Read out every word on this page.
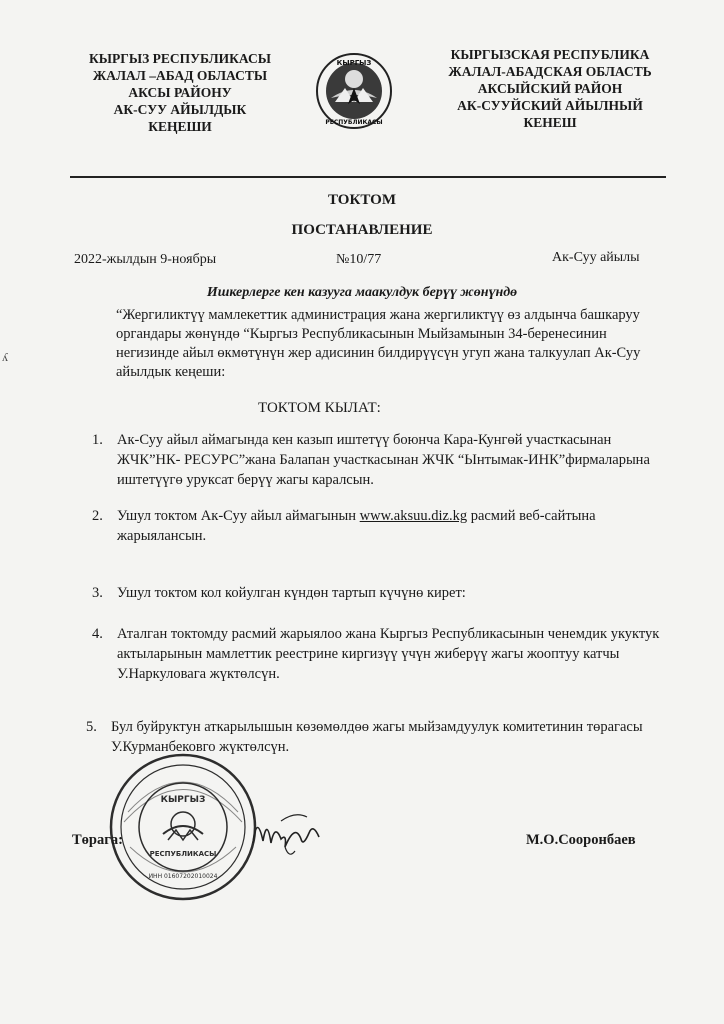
КЫРГЫЗ РЕСПУБЛИКАСЫ
ЖАЛАЛ –АБАД ОБЛАСТЫ
АКСЫ РАЙОНУ
АК-СУУ АЙЫЛДЫК
КЕҢЕШИ
КЫРГЫЗ
РЕСПУБЛИКАСЫ
КЫРГЫЗСКАЯ РЕСПУБЛИКА
ЖАЛАЛ-АБАДСКАЯ ОБЛАСТЬ
АКСЫЙСКИЙ РАЙОН
АК-СУУЙСКИЙ АЙЫЛНЫЙ
КЕНЕШ
ТОКТОМ
ПОСТАНАВЛЕНИЕ
2022-жылдын 9-ноябры	№10/77	Ак-Суу айылы
Ишкерлерге кен казууга маакулдук берүү жөнүндө
“Жергиликтүү мамлекеттик администрация жана жергиликтүү өз алдынча башкаруу органдары жөнүндө “Кыргыз Республикасынын Мыйзамынын 34-беренесинин негизинде айыл өкмөтүнүн жер адисинин билдирүүсүн угуп жана талкуулап Ак-Суу айылдык кеңеши:
ТОКТОМ КЫЛАТ:
1. Ак-Суу айыл аймагында кен казып иштетүү боюнча Кара-Кунгөй участкасынан ЖЧК”НК- РЕСУРС”жана Балапан участкасынан ЖЧК “Ынтымак-ИНК”фирмаларына иштетүүгө уруксат берүү жагы каралсын.
2. Ушул токтом Ак-Суу айыл аймагынын www.aksuu.diz.kg расмий веб-сайтына жарыялансын.
3. Ушул токтом кол койулган күндөн тартып күчүнө кирет:
4. Аталган токтомду расмий жарыялоо жана Кыргыз Республикасынын ченемдик укуктук актыларынын мамлеттик реестрине киргизүү үчүн жиберүү жагы жооптуу катчы У.Наркуловага жүктөлсүн.
5. Бул буйруктун аткарылышын көзөмөлдөө жагы мыйзамдуулук комитетинин төрагасы У.Курманбековго жүктөлсүн.
КЫРГЫЗ
РЕСПУБЛИКАСЫ
ИНН 01607202010024
Төрага:	М.О.Сооронбаев
ʎ
